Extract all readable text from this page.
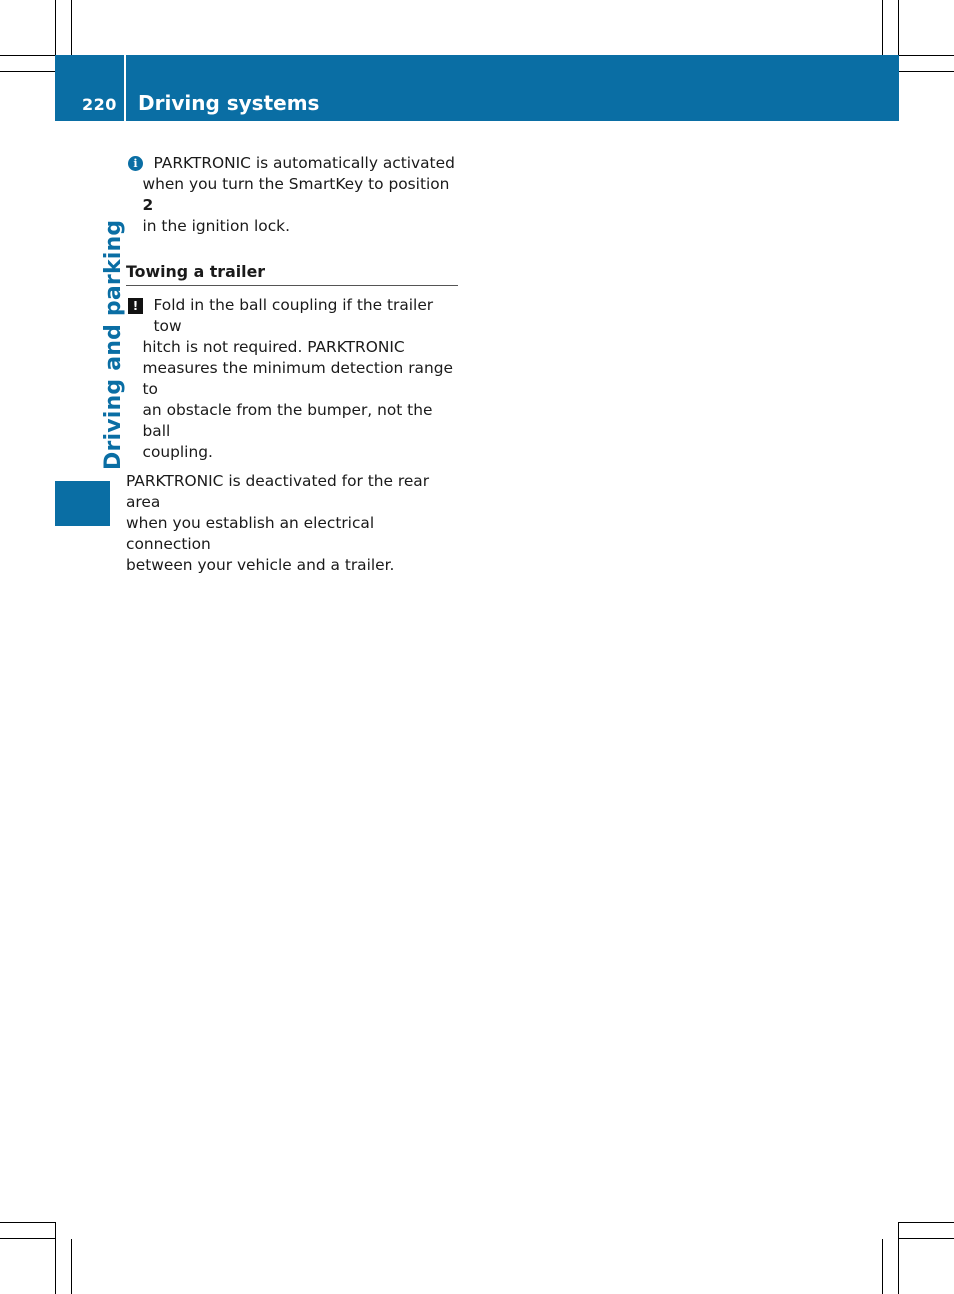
220 Driving systems
Driving and parking
i	PARKTRONIC is automatically activated

when you turn the SmartKey to position 2

in the ignition lock.

Towing a trailer
! Fold in the ball coupling if the trailer tow

hitch is not required. PARKTRONIC

measures the minimum detection range to

an obstacle from the bumper, not the ball

coupling.

PARKTRONIC is deactivated for the rear area

when you establish an electrical connection

between your vehicle and a trailer.
